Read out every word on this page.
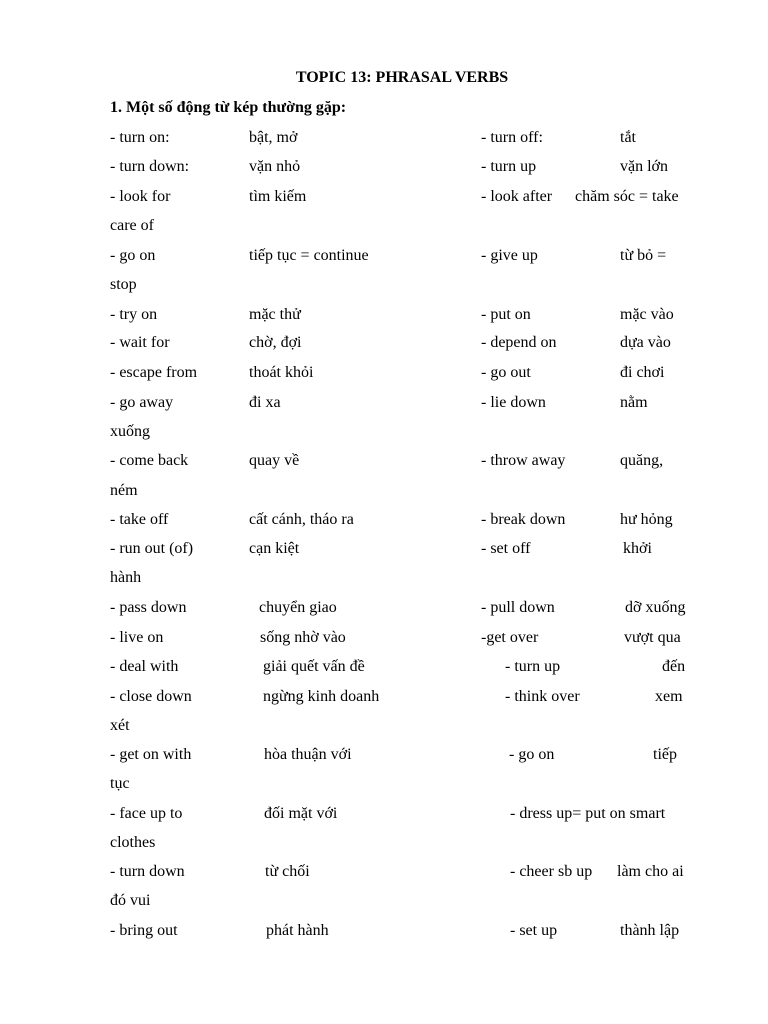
TOPIC 13: PHRASAL VERBS
1. Một số động từ kép thường gặp:
- turn on:	bật, mở	- turn off:	tắt
- turn down:	vặn nhỏ	- turn up	vặn lớn
- look for	tìm kiếm	- look after chăm sóc = take
care of
- go on	tiếp tục = continue	- give up	từ bỏ =
stop
- try on	mặc thử	- put on	mặc vào
- wait for	chờ, đợi	- depend on	dựa vào
- escape from	thoát khỏi	- go out	đi chơi
- go away	đi xa	- lie down	nằm
xuống
- come back	quay về	- throw away	quăng,
ném
- take off	cất cánh, tháo ra	- break down	hư hỏng
- run out (of)	cạn kiệt	- set off	khởi
hành
- pass down	chuyển giao	- pull down	dỡ xuống
- live on	sống nhờ vào	-get over	vượt qua
- deal with	giải quết vấn đề	- turn up	đến
- close down	ngừng kinh doanh	- think over	xem
xét
- get on with	hòa thuận với	- go on	tiếp
tục
- face up to	đối mặt với	- dress up= put on smart
clothes
- turn down	từ chối	- cheer sb up làm cho ai
đó vui
- bring out	phát hành	- set up	thành lập
